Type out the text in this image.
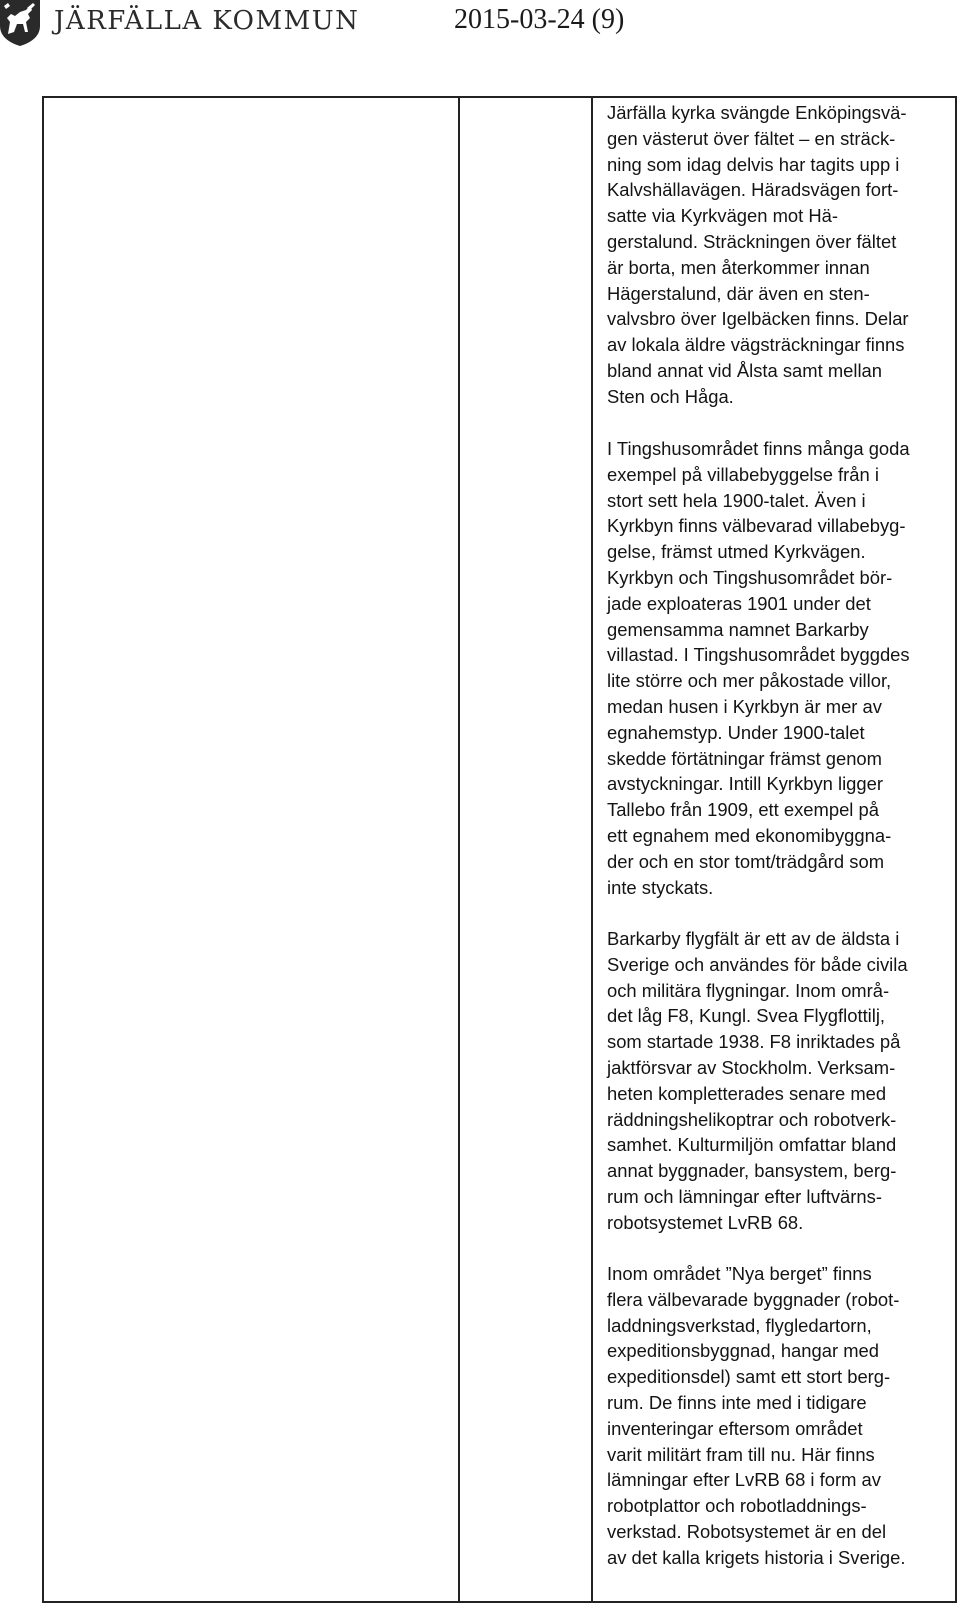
JÄRFÄLLA KOMMUN	2015-03-24 (9)

Järfälla kyrka svängde Enköpingsvä-
gen västerut över fältet – en sträck-
ning som idag delvis har tagits upp i
Kalvshällavägen. Häradsvägen fort-
satte via Kyrkvägen mot Hä-
gerstalund. Sträckningen över fältet
är borta, men återkommer innan
Hägerstalund, där även en sten-
valvsbro över Igelbäcken finns. Delar
av lokala äldre vägsträckningar finns
bland annat vid Ålsta samt mellan
Sten och Håga.

I Tingshusområdet finns många goda
exempel på villabebyggelse från i
stort sett hela 1900-talet. Även i
Kyrkbyn finns välbevarad villabebyg-
gelse, främst utmed Kyrkvägen.
Kyrkbyn och Tingshusområdet bör-
jade exploateras 1901 under det
gemensamma namnet Barkarby
villastad. I Tingshusområdet byggdes
lite större och mer påkostade villor,
medan husen i Kyrkbyn är mer av
egnahemstyp. Under 1900-talet
skedde förtätningar främst genom
avstyckningar. Intill Kyrkbyn ligger
Tallebo från 1909, ett exempel på
ett egnahem med ekonomibyggna-
der och en stor tomt/trädgård som
inte styckats.

Barkarby flygfält är ett av de äldsta i
Sverige och användes för både civila
och militära flygningar. Inom områ-
det låg F8, Kungl. Svea Flygflottilj,
som startade 1938. F8 inriktades på
jaktförsvar av Stockholm. Verksam-
heten kompletterades senare med
räddningshelikoptrar och robotverk-
samhet. Kulturmiljön omfattar bland
annat byggnader, bansystem, berg-
rum och lämningar efter luftvärns-
robotsystemet LvRB 68.

Inom området ”Nya berget” finns
flera välbevarade byggnader (robot-
laddningsverkstad, flygledartorn,
expeditionsbyggnad, hangar med
expeditionsdel) samt ett stort berg-
rum. De finns inte med i tidigare
inventeringar eftersom området
varit militärt fram till nu. Här finns
lämningar efter LvRB 68 i form av
robotplattor och robotladdnings-
verkstad. Robotsystemet är en del
av det kalla krigets historia i Sverige.
